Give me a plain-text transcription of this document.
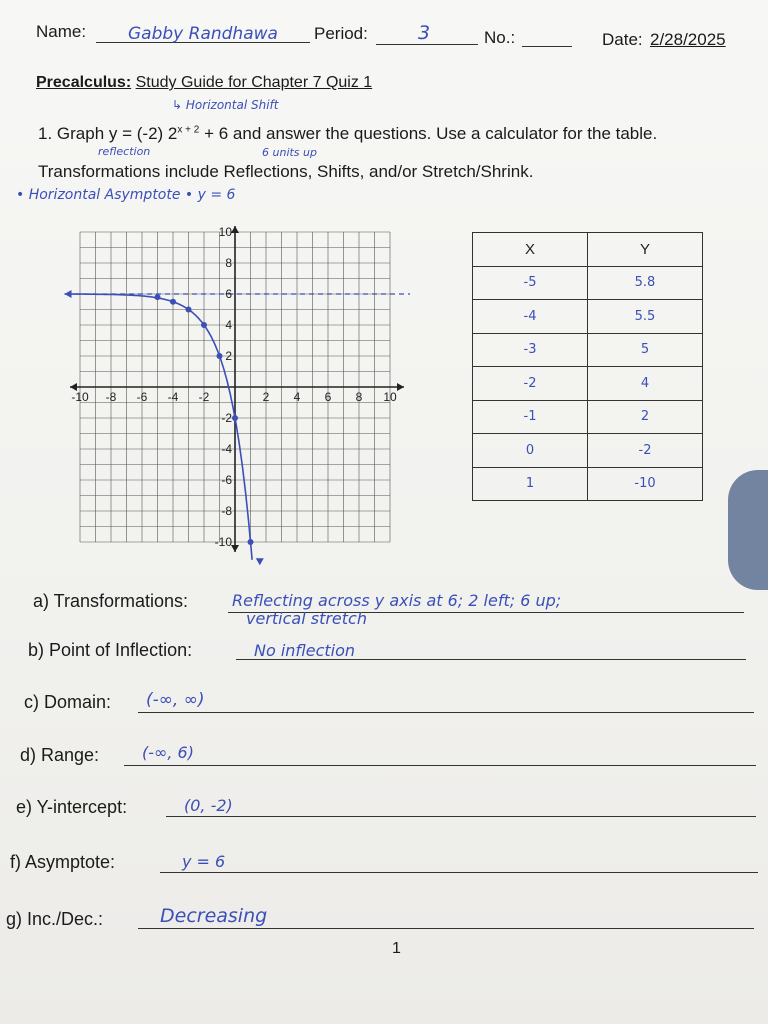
Name: Gabby Randhawa Period:	3	No.:	Date: 2/28/2025
Precalculus: Study Guide for Chapter 7 Quiz 1
↳ Horizontal Shift
1. Graph y = (-2) $2^{x + 2} + 6$ and answer the questions. Use a calculator for the table.
reflection	6 units up
Transformations include Reflections, Shifts, and/or Stretch/Shrink.
• Horizontal Asymptote • y = 6
-10 -8 -6 -4 -2	2 4 6 8 10
10
8
6
4
2
-2
-4
-6
-8
-10
X	Y
-5	5.8
-4	5.5
-3	5
-2	4
-1	2
0	-2
1	-10
a) Transformations:	Reflecting across y axis at 6; 2 left; 6 up;
vertical stretch
b) Point of Inflection:	No inflection
c) Domain: (-∞, ∞)
d) Range:	(-∞, 6)
e) Y-intercept:	(0, -2)
f) Asymptote:	y = 6
g) Inc./Dec.:	Decreasing
1
